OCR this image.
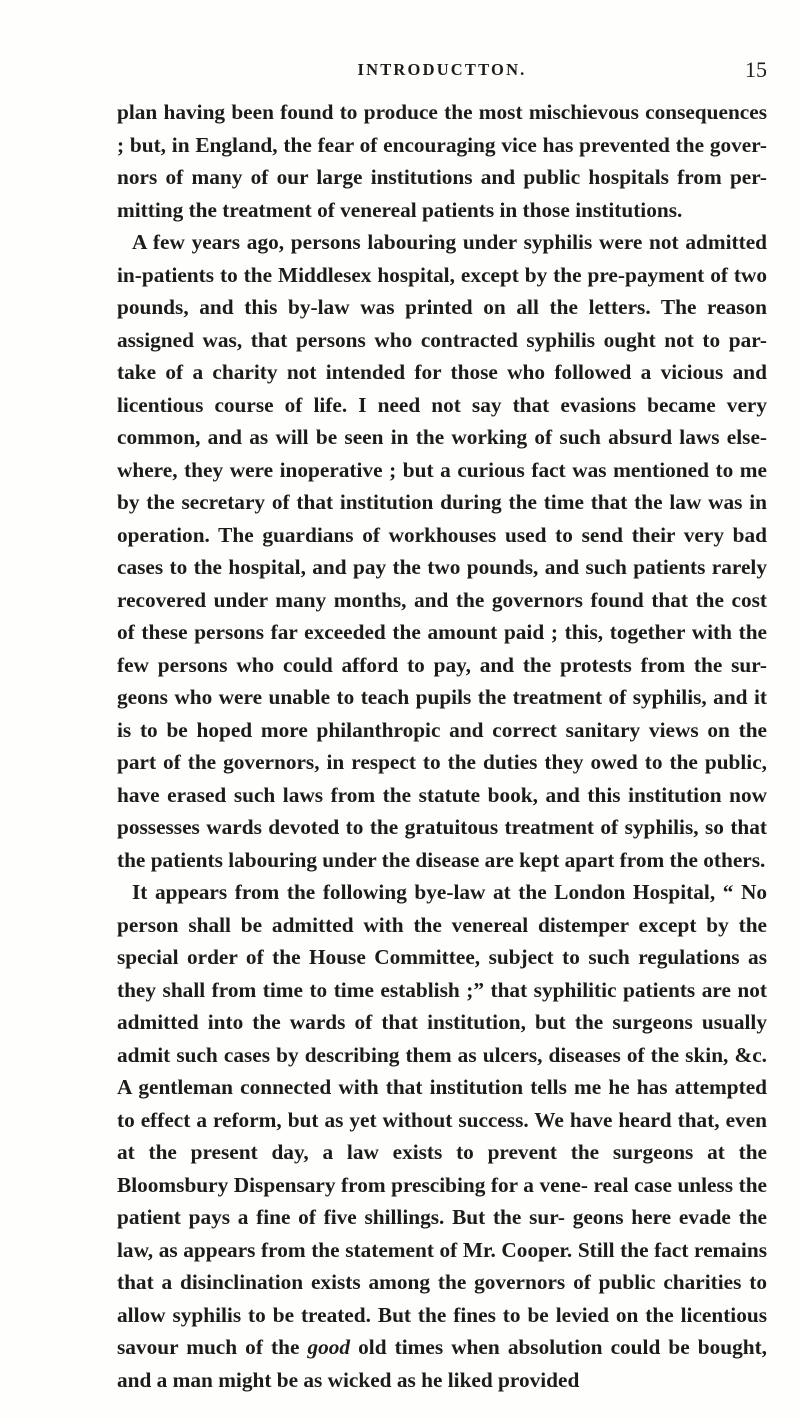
INTRODUCTTON.	15

plan having been found to produce the most mischievous consequences ; but, in England, the fear of encouraging vice has prevented the gover- nors of many of our large institutions and public hospitals from per- mitting the treatment of venereal patients in those institutions.

A few years ago, persons labouring under syphilis were not admitted in-patients to the Middlesex hospital, except by the pre-payment of two pounds, and this by-law was printed on all the letters. The reason assigned was, that persons who contracted syphilis ought not to par- take of a charity not intended for those who followed a vicious and licentious course of life. I need not say that evasions became very common, and as will be seen in the working of such absurd laws else- where, they were inoperative ; but a curious fact was mentioned to me by the secretary of that institution during the time that the law was in operation. The guardians of workhouses used to send their very bad cases to the hospital, and pay the two pounds, and such patients rarely recovered under many months, and the governors found that the cost of these persons far exceeded the amount paid ; this, together with the few persons who could afford to pay, and the protests from the sur- geons who were unable to teach pupils the treatment of syphilis, and it is to be hoped more philanthropic and correct sanitary views on the part of the governors, in respect to the duties they owed to the public, have erased such laws from the statute book, and this institution now possesses wards devoted to the gratuitous treatment of syphilis, so that the patients labouring under the disease are kept apart from the others.

It appears from the following bye-law at the London Hospital, “ No person shall be admitted with the venereal distemper except by the special order of the House Committee, subject to such regulations as they shall from time to time establish ;” that syphilitic patients are not admitted into the wards of that institution, but the surgeons usually admit such cases by describing them as ulcers, diseases of the skin, &c. A gentleman connected with that institution tells me he has attempted to effect a reform, but as yet without success. We have heard that, even at the present day, a law exists to prevent the surgeons at the Bloomsbury Dispensary from prescibing for a vene- real case unless the patient pays a fine of five shillings. But the sur- geons here evade the law, as appears from the statement of Mr. Cooper. Still the fact remains that a disinclination exists among the governors of public charities to allow syphilis to be treated. But the fines to be levied on the licentious savour much of the good old times when absolution could be bought, and a man might be as wicked as he liked provided
